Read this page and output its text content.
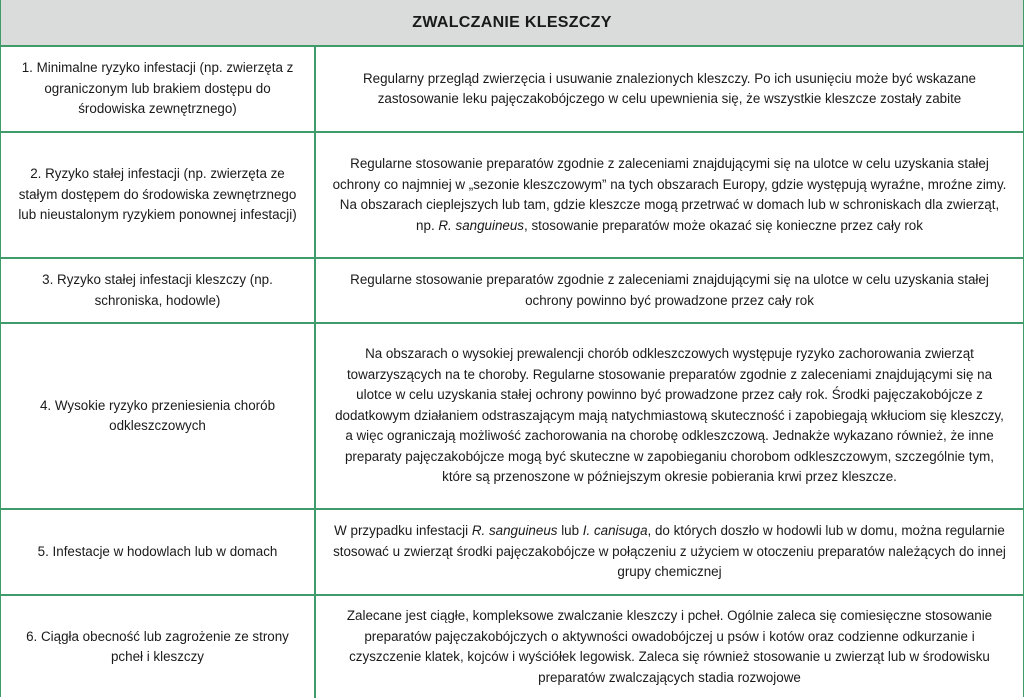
ZWALCZANIE KLESZCZY	
1. Minimalne ryzyko infestacji (np. zwierzęta z ograniczonym lub brakiem dostępu do środowiska zewnętrznego)	Regularny przegląd zwierzęcia i usuwanie znalezionych kleszczy. Po ich usunięciu może być wskazane zastosowanie leku pajęczakobójczego w celu upewnienia się, że wszystkie kleszcze zostały zabite
2. Ryzyko stałej infestacji (np. zwierzęta ze stałym dostępem do środowiska zewnętrznego lub nieustalonym ryzykiem ponownej infestacji)	Regularne stosowanie preparatów zgodnie z zaleceniami znajdującymi się na ulotce w celu uzyskania stałej ochrony co najmniej w „sezonie kleszczowym” na tych obszarach Europy, gdzie występują wyraźne, mroźne zimy. Na obszarach cieplejszych lub tam, gdzie kleszcze mogą przetrwać w domach lub w schroniskach dla zwierząt, np. R. sanguineus, stosowanie preparatów może okazać się konieczne przez cały rok
3. Ryzyko stałej infestacji kleszczy (np. schroniska, hodowle)	Regularne stosowanie preparatów zgodnie z zaleceniami znajdującymi się na ulotce w celu uzyskania stałej ochrony powinno być prowadzone przez cały rok
4. Wysokie ryzyko przeniesienia chorób odkleszczowych	Na obszarach o wysokiej prewalencji chorób odkleszczowych występuje ryzyko zachorowania zwierząt towarzyszących na te choroby. Regularne stosowanie preparatów zgodnie z zaleceniami znajdującymi się na ulotce w celu uzyskania stałej ochrony powinno być prowadzone przez cały rok. Środki pajęczakobójcze z dodatkowym działaniem odstraszającym mają natychmiastową skuteczność i zapobiegają wkłuciom się kleszczy, a więc ograniczają możliwość zachorowania na chorobę odkleszczową. Jednakże wykazano również, że inne preparaty pajęczakobójcze mogą być skuteczne w zapobieganiu chorobom odkleszczowym, szczególnie tym, które są przenoszone w późniejszym okresie pobierania krwi przez kleszcze.
5. Infestacje w hodowlach lub w domach	W przypadku infestacji R. sanguineus lub I. canisuga, do których doszło w hodowli lub w domu, można regularnie stosować u zwierząt środki pajęczakobójcze w połączeniu z użyciem w otoczeniu preparatów należących do innej grupy chemicznej
6. Ciągła obecność lub zagrożenie ze strony pcheł i kleszczy	Zalecane jest ciągłe, kompleksowe zwalczanie kleszczy i pcheł. Ogólnie zaleca się comiesięczne stosowanie preparatów pajęczakobójczych o aktywności owadobójczej u psów i kotów oraz codzienne odkurzanie i czyszczenie klatek, kojców i wyściółek legowisk. Zaleca się również stosowanie u zwierząt lub w środowisku preparatów zwalczających stadia rozwojowe
